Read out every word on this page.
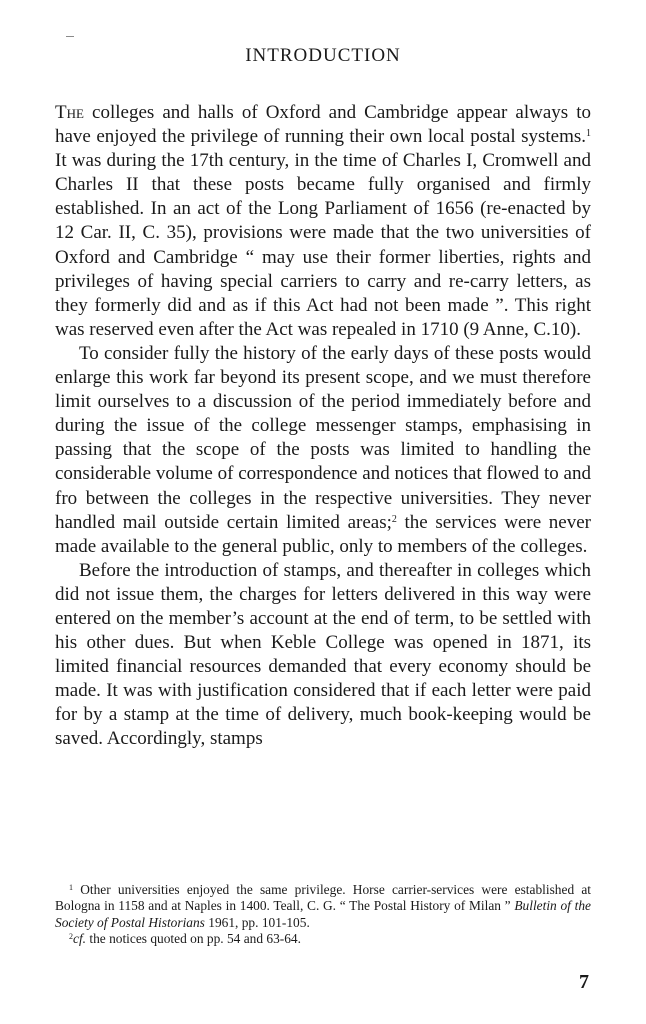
INTRODUCTION

The colleges and halls of Oxford and Cambridge appear always to have enjoyed the privilege of running their own local postal systems.$^1$ It was during the 17th century, in the time of Charles I, Cromwell and Charles II that these posts became fully organised and firmly established. In an act of the Long Parliament of 1656 (re-enacted by 12 Car. II, C. 35), provisions were made that the two universities of Oxford and Cambridge “ may use their former liberties, rights and privileges of having special carriers to carry and re-carry letters, as they formerly did and as if this Act had not been made ”. This right was reserved even after the Act was repealed in 1710 (9 Anne, C.10).

To consider fully the history of the early days of these posts would enlarge this work far beyond its present scope, and we must therefore limit ourselves to a discussion of the period immediately before and during the issue of the college messenger stamps, emphasising in passing that the scope of the posts was limited to handling the considerable volume of correspondence and notices that flowed to and fro between the colleges in the respective universities. They never handled mail outside certain limited areas;$^2$ the services were never made available to the general public, only to members of the colleges.

Before the introduction of stamps, and thereafter in colleges which did not issue them, the charges for letters delivered in this way were entered on the member’s account at the end of term, to be settled with his other dues. But when Keble College was opened in 1871, its limited financial resources demanded that every economy should be made. It was with justification considered that if each letter were paid for by a stamp at the time of delivery, much book-keeping would be saved. Accordingly, stamps

$^1$ Other universities enjoyed the same privilege. Horse carrier-services were established at Bologna in 1158 and at Naples in 1400. Teall, C. G. “ The Postal History of Milan ” Bulletin of the Society of Postal Historians 1961, pp. 101-105.

$^2$cf. the notices quoted on pp. 54 and 63-64.

7
